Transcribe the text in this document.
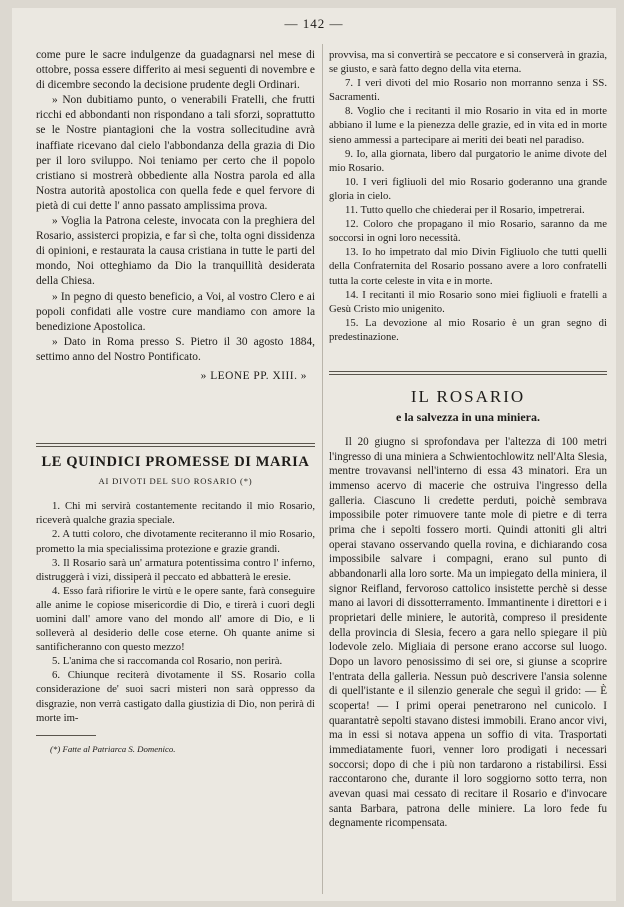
— 142 —

come pure le sacre indulgenze da guadagnarsi nel mese di ottobre, possa essere differito ai mesi seguenti di novembre e di dicembre secondo la decisione prudente degli Ordinari.

» Non dubitiamo punto, o venerabili Fratelli, che frutti ricchi ed abbondanti non rispondano a tali sforzi, soprattutto se le Nostre piantagioni che la vostra sollecitudine avrà inaffiate ricevano dal cielo l'abbondanza della grazia di Dio per il loro sviluppo. Noi teniamo per certo che il popolo cristiano si mostrerà obbediente alla Nostra parola ed alla Nostra autorità apostolica con quella fede e quel fervore di pietà di cui dette l' anno passato amplissima prova.

» Voglia la Patrona celeste, invocata con la preghiera del Rosario, assisterci propizia, e far sì che, tolta ogni dissidenza di opinioni, e restaurata la causa cristiana in tutte le parti del mondo, Noi otteghiamo da Dio la tranquillità desiderata della Chiesa.

» In pegno di questo beneficio, a Voi, al vostro Clero e ai popoli confidati alle vostre cure mandiamo con amore la benedizione Apostolica.

» Dato in Roma presso S. Pietro il 30 agosto 1884, settimo anno del Nostro Pontificato.

» LEONE PP. XIII. »

LE QUINDICI PROMESSE DI MARIA
AI DIVOTI DEL SUO ROSARIO (*)

1. Chi mi servirà costantemente recitando il mio Rosario, riceverà qualche grazia speciale.

2. A tutti coloro, che divotamente reciteranno il mio Rosario, prometto la mia specialissima protezione e grazie grandi.

3. Il Rosario sarà un' armatura potentissima contro l' inferno, distruggerà i vizi, dissiperà il peccato ed abbatterà le eresie.

4. Esso farà rifiorire le virtù e le opere sante, farà conseguire alle anime le copiose misericordie di Dio, e tirerà i cuori degli uomini dall' amore vano del mondo all' amore di Dio, e li solleverà al desiderio delle cose eterne. Oh quante anime si santificheranno con questo mezzo!

5. L'anima che si raccomanda col Rosario, non perirà.

6. Chiunque reciterà divotamente il SS. Rosario colla considerazione de' suoi sacri misteri non sarà oppresso da disgrazie, non verrà castigato dalla giustizia di Dio, non perirà di morte im-

(*) Fatte al Patriarca S. Domenico.

provvisa, ma si convertirà se peccatore e si conserverà in grazia, se giusto, e sarà fatto degno della vita eterna.

7. I veri divoti del mio Rosario non morranno senza i SS. Sacramenti.

8. Voglio che i recitanti il mio Rosario in vita ed in morte abbiano il lume e la pienezza delle grazie, ed in vita ed in morte sieno ammessi a partecipare ai meriti dei beati nel paradiso.

9. Io, alla giornata, libero dal purgatorio le anime divote del mio Rosario.

10. I veri figliuoli del mio Rosario goderanno una grande gloria in cielo.

11. Tutto quello che chiederai per il Rosario, impetrerai.

12. Coloro che propagano il mio Rosario, saranno da me soccorsi in ogni loro necessità.

13. Io ho impetrato dal mio Divin Figliuolo che tutti quelli della Confraternita del Rosario possano avere a loro confratelli tutta la corte celeste in vita e in morte.

14. I recitanti il mio Rosario sono miei figliuoli e fratelli a Gesù Cristo mio unigenito.

15. La devozione al mio Rosario è un gran segno di predestinazione.

IL ROSARIO
e la salvezza in una miniera.

Il 20 giugno si sprofondava per l'altezza di 100 metri l'ingresso di una miniera a Schwientochlowitz nell'Alta Slesia, mentre trovavansi nell'interno di essa 43 minatori. Era un immenso acervo di macerie che ostruiva l'ingresso della galleria. Ciascuno li credette perduti, poichè sembrava impossibile poter rimuovere tante mole di pietre e di terra prima che i sepolti fossero morti. Quindi attoniti gli altri operai stavano osservando quella rovina, e dichiarando cosa impossibile salvare i compagni, erano sul punto di abbandonarli alla loro sorte. Ma un impiegato della miniera, il signor Reifland, fervoroso cattolico insistette perchè si desse mano ai lavori di dissotterramento. Immantinente i direttori e i proprietari delle miniere, le autorità, compreso il presidente della provincia di Slesia, fecero a gara nello spiegare il più lodevole zelo. Migliaia di persone erano accorse sul luogo. Dopo un lavoro penosissimo di sei ore, si giunse a scoprire l'entrata della galleria. Nessun può descrivere l'ansia solenne di quell'istante e il silenzio generale che seguì il grido: — È scoperta! — I primi operai penetrarono nel cunicolo. I quarantatrè sepolti stavano distesi immobili. Erano ancor vivi, ma in essi si notava appena un soffio di vita. Trasportati immediatamente fuori, venner loro prodigati i necessari soccorsi; dopo di che i più non tardarono a ristabilirsi. Essi raccontarono che, durante il loro soggiorno sotto terra, non avevan quasi mai cessato di recitare il Rosario e d'invocare santa Barbara, patrona delle miniere. La loro fede fu degnamente ricompensata.
